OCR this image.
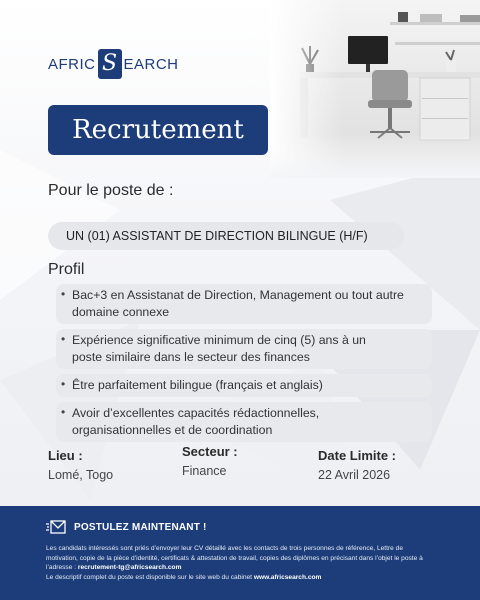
AFRIC S EARCH
Recrutement
Pour le poste de :
UN (01) ASSISTANT DE DIRECTION BILINGUE (H/F)
Profil
• Bac+3 en Assistanat de Direction, Management ou tout autre
domaine connexe
• Expérience significative minimum de cinq (5) ans à un
poste similaire dans le secteur des finances
• Être parfaitement bilingue (français et anglais)
• Avoir d’excellentes capacités rédactionnelles,
organisationnelles et de coordination
Lieu :
Lomé, Togo
Secteur :
Finance
Date Limite :
22 Avril 2026
POSTULEZ MAINTENANT !
Les candidats intéressés sont priés d’envoyer leur CV détaillé avec les contacts de trois personnes de référence, Lettre de motivation, copie de la pièce d’identité, certificats & attestation de travail, copies des diplômes en précisant dans l’objet le poste à l’adresse : recrutement-tg@africsearch.com
Le descriptif complet du poste est disponible sur le site web du cabinet www.africsearch.com
